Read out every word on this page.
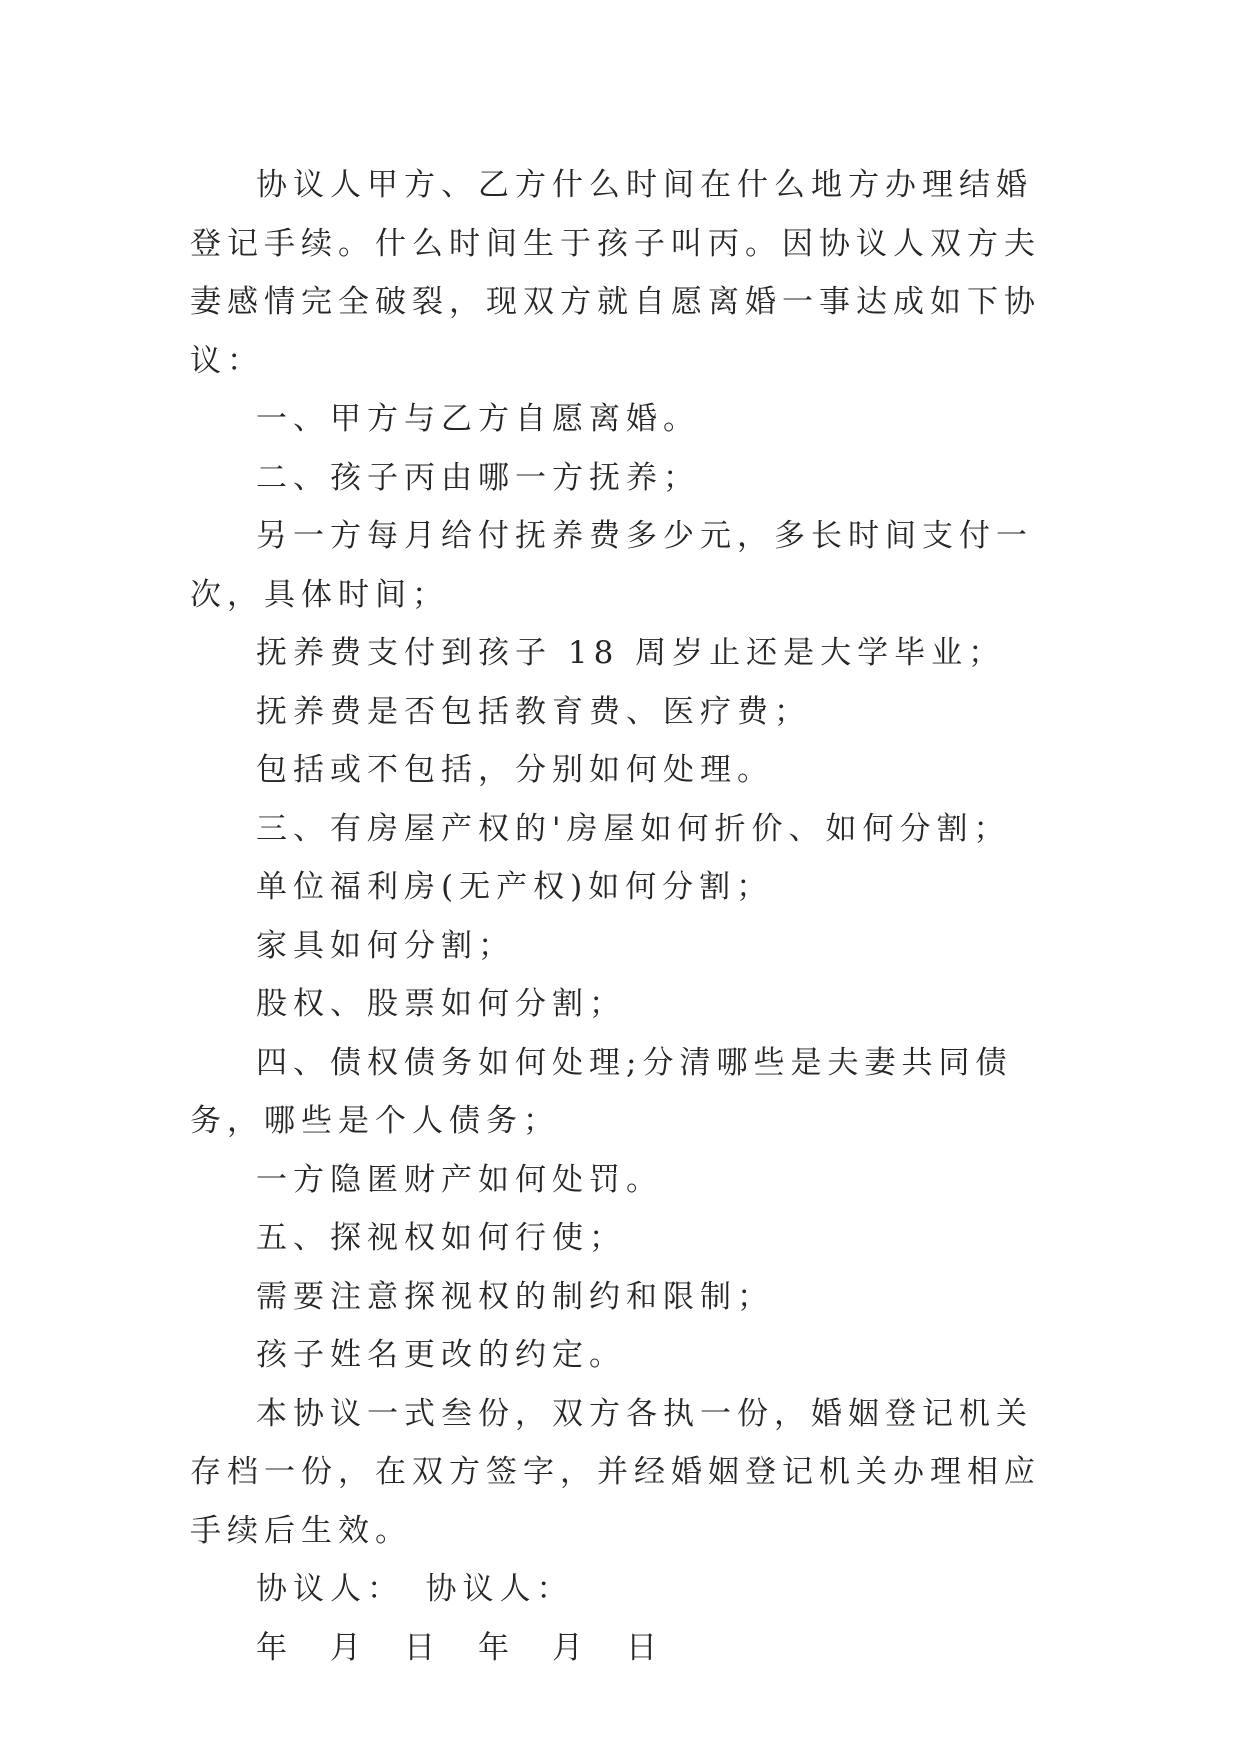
协议人甲方、乙方什么时间在什么地方办理结婚登记手续。什么时间生于孩子叫丙。因协议人双方夫妻感情完全破裂，现双方就自愿离婚一事达成如下协议：

一、甲方与乙方自愿离婚。

二、孩子丙由哪一方抚养；

另一方每月给付抚养费多少元，多长时间支付一次，具体时间；

抚养费支付到孩子 18 周岁止还是大学毕业；

抚养费是否包括教育费、医疗费；

包括或不包括，分别如何处理。

三、有房屋产权的'房屋如何折价、如何分割；

单位福利房(无产权)如何分割；

家具如何分割；

股权、股票如何分割；

四、债权债务如何处理;分清哪些是夫妻共同债务，哪些是个人债务；

一方隐匿财产如何处罚。

五、探视权如何行使；

需要注意探视权的制约和限制；

孩子姓名更改的约定。

本协议一式叁份，双方各执一份，婚姻登记机关存档一份，在双方签字，并经婚姻登记机关办理相应手续后生效。

协议人：　协议人：

年　月　日　年　月　日
